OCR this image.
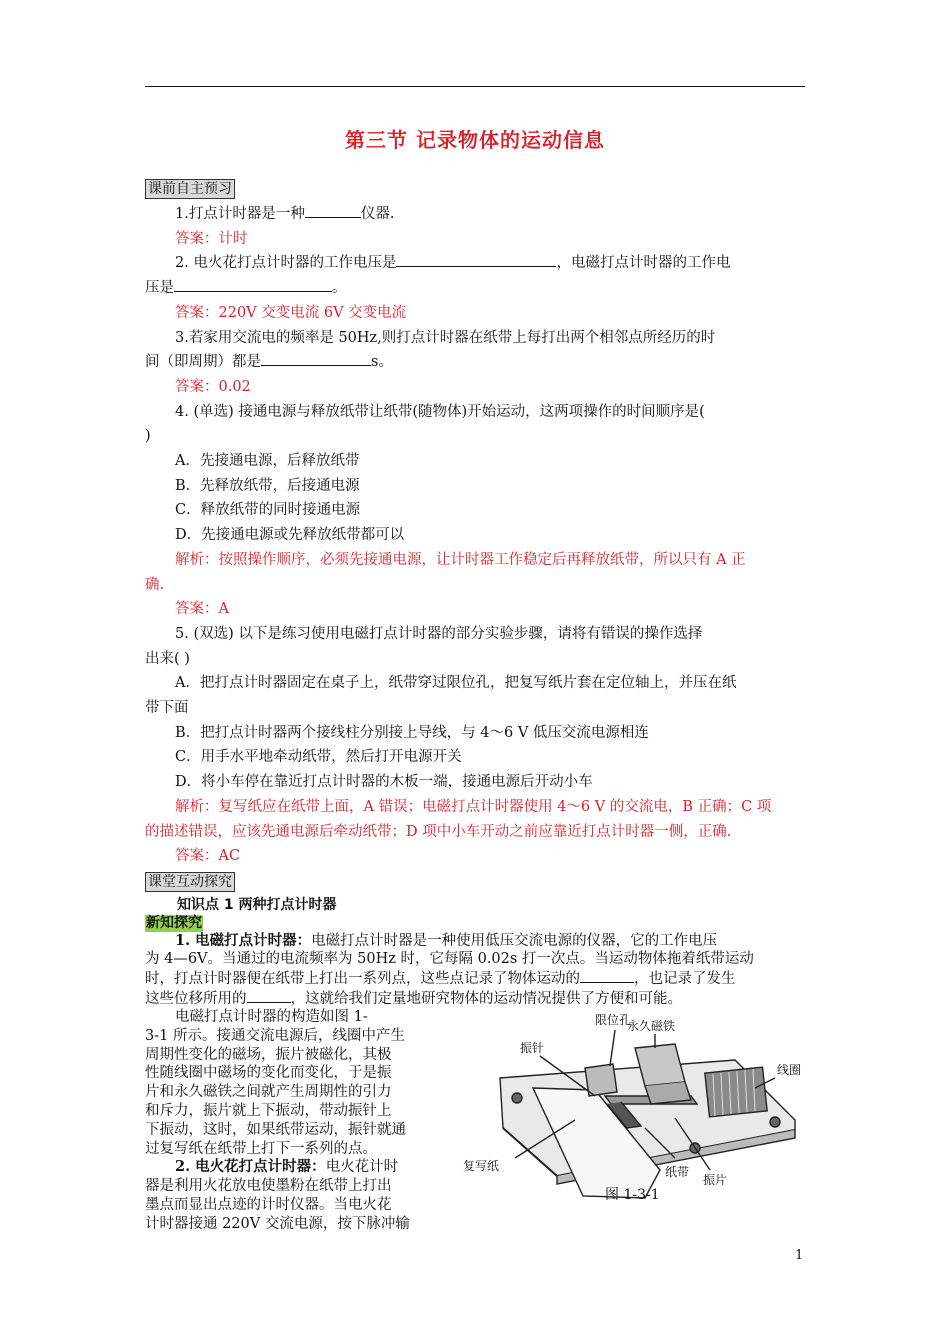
第三节 记录物体的运动信息
课前自主预习

1.打点计时器是一种	仪器.

答案：计时

2. 电火花打点计时器的工作电压是	，电磁打点计时器的工作电

压是	。

答案：220V 交变电流 6V 交变电流

3.若家用交流电的频率是 50Hz,则打点计时器在纸带上每打出两个相邻点所经历的时

间（即周期）都是	s。

答案：0.02

4. (单选) 接通电源与释放纸带让纸带(随物体)开始运动，这两项操作的时间顺序是(

)

A．先接通电源，后释放纸带

B．先释放纸带，后接通电源

C．释放纸带的同时接通电源

D．先接通电源或先释放纸带都可以

解析：按照操作顺序，必须先接通电源，让计时器工作稳定后再释放纸带，所以只有 A 正

确.

答案：A

5. (双选) 以下是练习使用电磁打点计时器的部分实验步骤，请将有错误的操作选择

出来( )

A．把打点计时器固定在桌子上，纸带穿过限位孔，把复写纸片套在定位轴上，并压在纸

带下面

B．把打点计时器两个接线柱分别接上导线，与 4～6 V 低压交流电源相连

C．用手水平地牵动纸带，然后打开电源开关

D．将小车停在靠近打点计时器的木板一端，接通电源后开动小车

解析：复写纸应在纸带上面，A 错误；电磁打点计时器使用 4～6 V 的交流电，B 正确；C 项

的描述错误，应该先通电源后牵动纸带；D 项中小车开动之前应靠近打点计时器一侧，正确.

答案：AC

课堂互动探究
知识点 1 两种打点计时器
新知探究

1. 电磁打点计时器：电磁打点计时器是一种使用低压交流电源的仪器，它的工作电压

为 4—6V。当通过的电流频率为 50Hz 时，它每隔 0.02s 打一次点。当运动物体拖着纸带运动

时，打点计时器便在纸带上打出一系列点，这些点记录了物体运动的	，也记录了发生

这些位移所用的	，这就给我们定量地研究物体的运动情况提供了方便和可能。

电磁打点计时器的构造如图 1-

3-1 所示。接通交流电源后，线圈中产生

周期性变化的磁场，振片被磁化，其极

性随线圈中磁场的变化而变化，于是振

片和永久磁铁之间就产生周期性的引力

和斥力，振片就上下振动，带动振针上

下振动，这时，如果纸带运动，振针就通

过复写纸在纸带上打下一系列的点。

2. 电火花打点计时器：电火花计时

器是利用火花放电使墨粉在纸带上打出

墨点而显出点迹的计时仪器。当电火花

计时器接通 220V 交流电源，按下脉冲输

限位孔
振针
永久磁铁
线圈
复写纸	纸带
振片
图 1-3-1
1
